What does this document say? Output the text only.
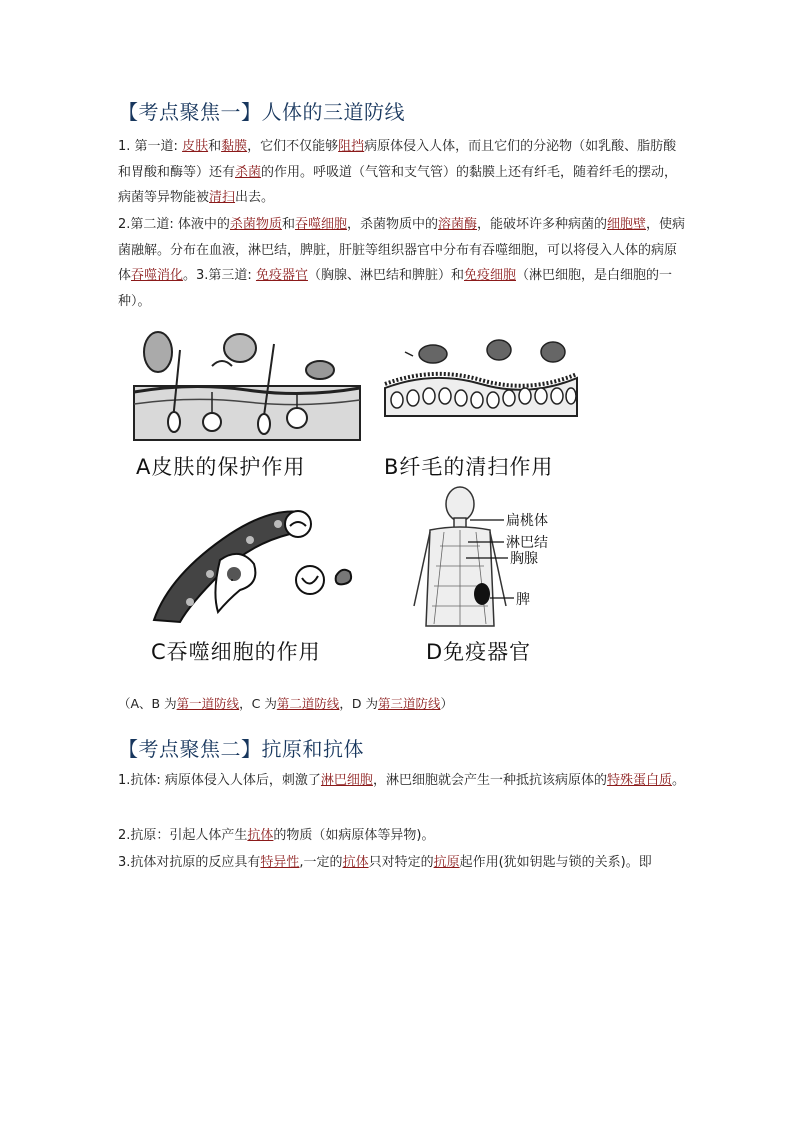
【考点聚焦一】人体的三道防线

1. 第一道: 皮肤和黏膜，它们不仅能够阻挡病原体侵入人体，而且它们的分泌物（如乳酸、脂肪酸和胃酸和酶等）还有杀菌的作用。呼吸道（气管和支气管）的黏膜上还有纤毛，随着纤毛的摆动，病菌等异物能被清扫出去。

2.第二道: 体液中的杀菌物质和吞噬细胞，杀菌物质中的溶菌酶，能破坏许多种病菌的细胞壁，使病菌融解。分布在血液，淋巴结，脾脏，肝脏等组织器官中分布有吞噬细胞，可以将侵入人体的病原体吞噬消化。3.第三道: 免疫器官（胸腺、淋巴结和脾脏）和免疫细胞（淋巴细胞，是白细胞的一种）。

A皮肤的保护作用	B纤毛的清扫作用
C吞噬细胞的作用
扁桃体
淋巴结
胸腺
脾
D免疫器官

（A、B 为第一道防线，C 为第二道防线，D 为第三道防线）

【考点聚焦二】抗原和抗体

1.抗体: 病原体侵入人体后，刺激了淋巴细胞，淋巴细胞就会产生一种抵抗该病原体的特殊蛋白质。

2.抗原：引起人体产生抗体的物质（如病原体等异物)。

3.抗体对抗原的反应具有特异性,一定的抗体只对特定的抗原起作用(犹如钥匙与锁的关系)。即
